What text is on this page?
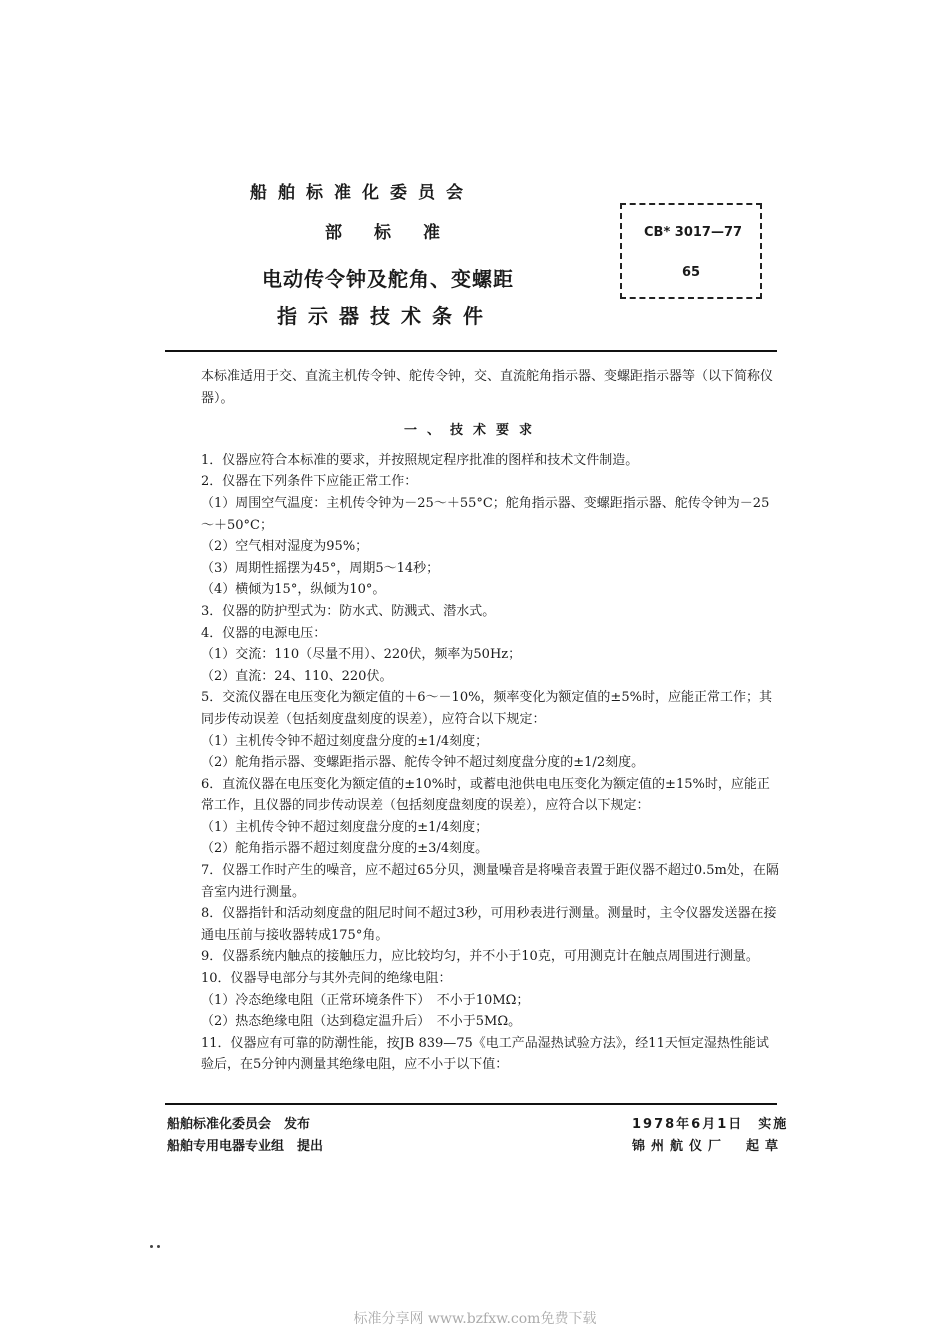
船舶标准化委员会
部标准
电动传令钟及舵角、变螺距
指示器技术条件
CB* 3017—77
65

本标准适用于交、直流主机传令钟、舵传令钟，交、直流舵角指示器、变螺距指示器等（以下简称仪器）。

一、技术要求

1．仪器应符合本标准的要求，并按照规定程序批准的图样和技术文件制造。

2．仪器在下列条件下应能正常工作：

（1）周围空气温度：主机传令钟为－25～＋55°C；舵角指示器、变螺距指示器、舵传令钟为－25～＋50°C；

（2）空气相对湿度为95%；

（3）周期性摇摆为45°，周期5～14秒；

（4）横倾为15°，纵倾为10°。

3．仪器的防护型式为：防水式、防溅式、潜水式。

4．仪器的电源电压：

（1）交流：110（尽量不用）、220伏，频率为50Hz；

（2）直流：24、110、220伏。

5．交流仪器在电压变化为额定值的＋6～－10%，频率变化为额定值的±5%时，应能正常工作；其同步传动误差（包括刻度盘刻度的误差），应符合以下规定：

（1）主机传令钟不超过刻度盘分度的±1/4刻度；

（2）舵角指示器、变螺距指示器、舵传令钟不超过刻度盘分度的±1/2刻度。

6．直流仪器在电压变化为额定值的±10%时，或蓄电池供电电压变化为额定值的±15%时，应能正常工作，且仪器的同步传动误差（包括刻度盘刻度的误差），应符合以下规定：

（1）主机传令钟不超过刻度盘分度的±1/4刻度；

（2）舵角指示器不超过刻度盘分度的±3/4刻度。

7．仪器工作时产生的噪音，应不超过65分贝，测量噪音是将噪音表置于距仪器不超过0.5m处，在隔音室内进行测量。

8．仪器指针和活动刻度盘的阻尼时间不超过3秒，可用秒表进行测量。测量时，主令仪器发送器在接通电压前与接收器转成175°角。

9．仪器系统内触点的接触压力，应比较均匀，并不小于10克，可用测克计在触点周围进行测量。

10．仪器导电部分与其外壳间的绝缘电阻：

（1）冷态绝缘电阻（正常环境条件下）　不小于10MΩ；

（2）热态绝缘电阻（达到稳定温升后）　不小于5MΩ。

11．仪器应有可靠的防潮性能，按JB 839—75《电工产品湿热试验方法》，经11天恒定湿热性能试验后，在5分钟内测量其绝缘电阻，应不小于以下值：

船舶标准化委员会　发布
船舶专用电器专业组　提出
1978年6月1日　实施
锦州航仪厂　起草
标准分享网 www.bzfxw.com免费下载
